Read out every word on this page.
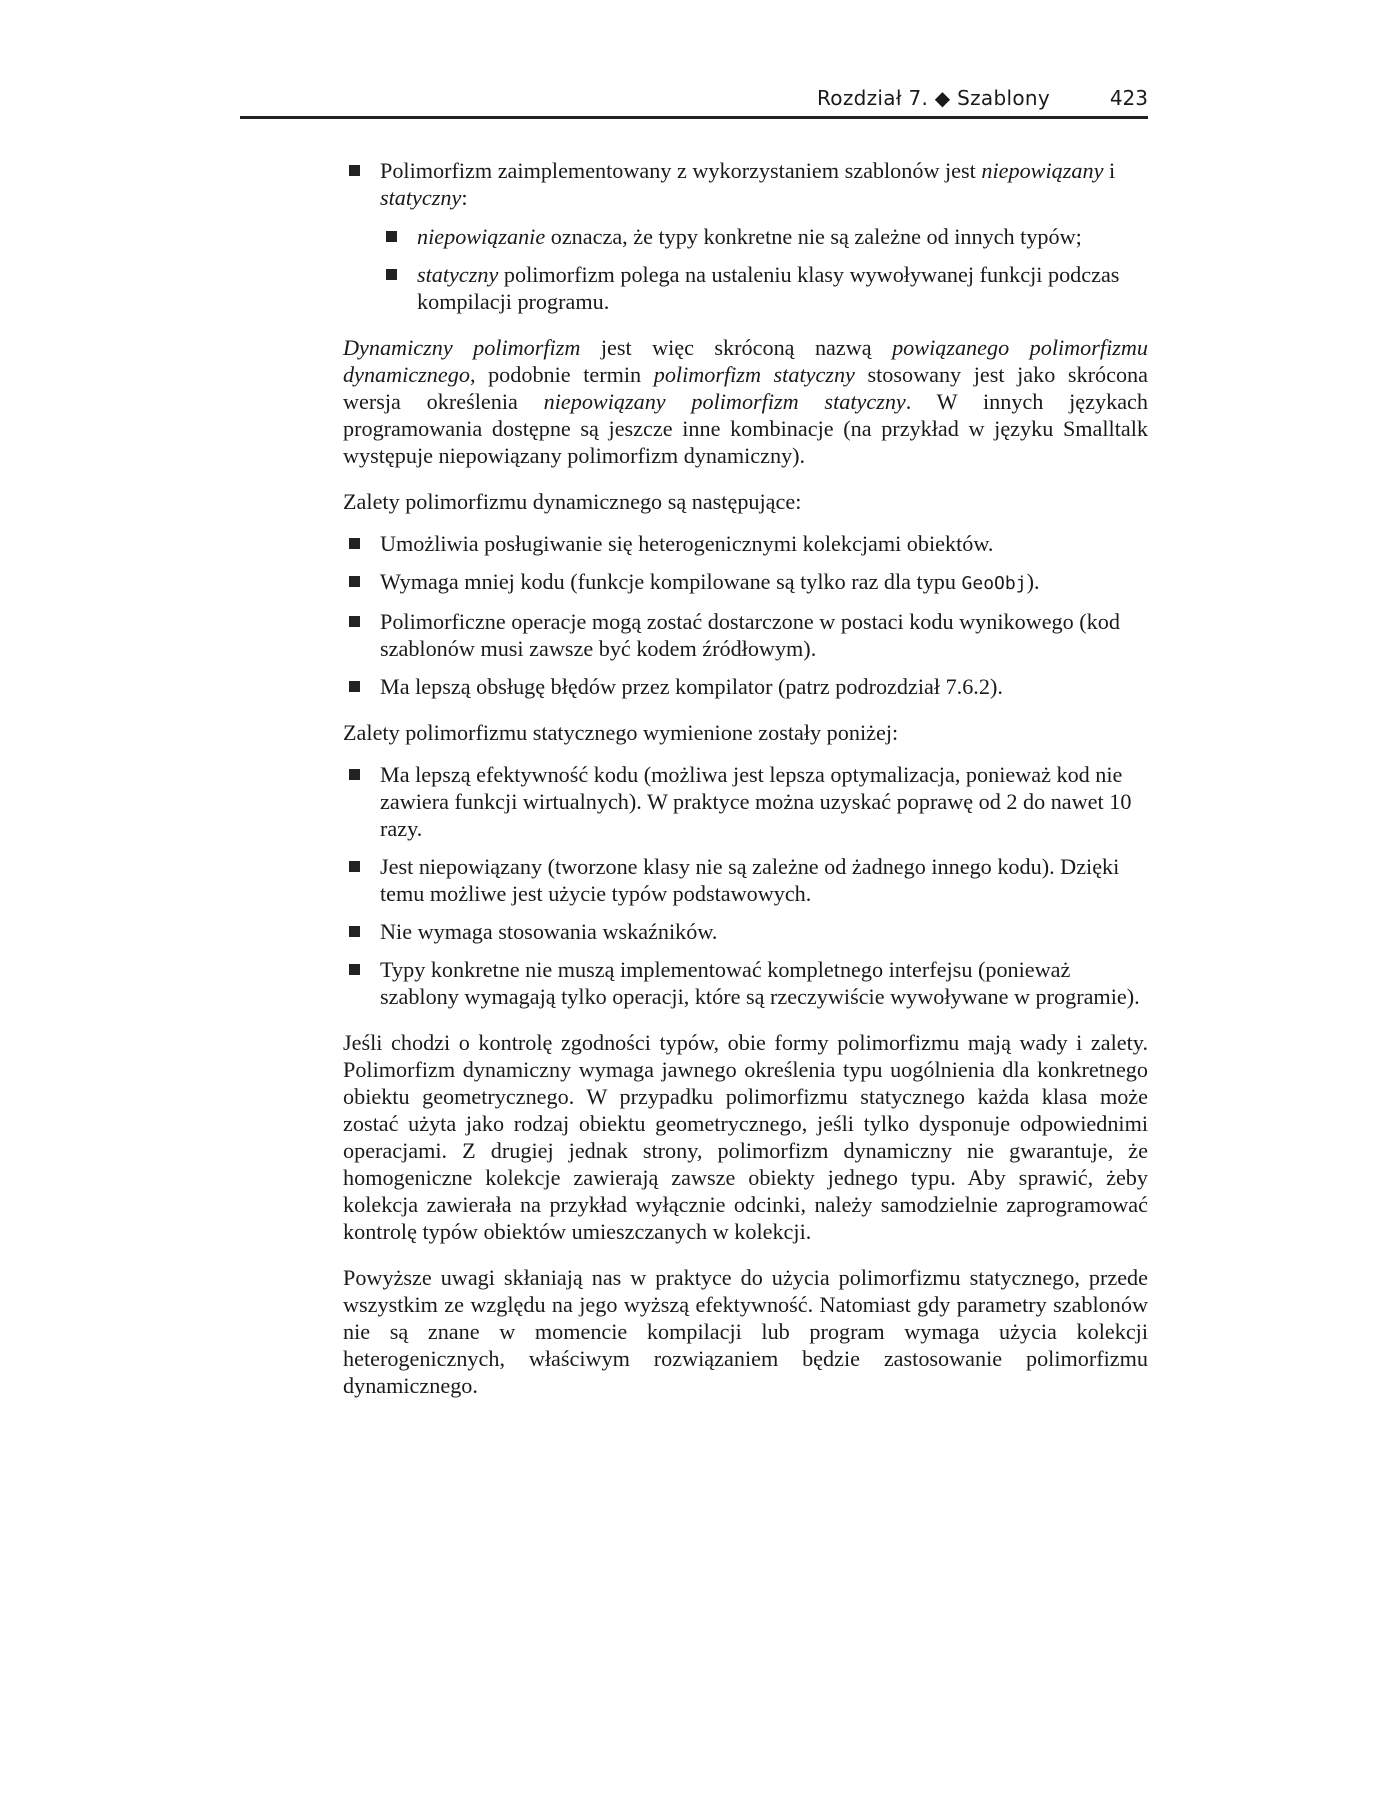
Rozdział 7. ◆ Szablony	423
Polimorfizm zaimplementowany z wykorzystaniem szablonów jest niepowiązany i statyczny:
niepowiązanie oznacza, że typy konkretne nie są zależne od innych typów;
statyczny polimorfizm polega na ustaleniu klasy wywoływanej funkcji podczas kompilacji programu.

Dynamiczny polimorfizm jest więc skróconą nazwą powiązanego polimorfizmu dynamicznego, podobnie termin polimorfizm statyczny stosowany jest jako skrócona wersja określenia niepowiązany polimorfizm statyczny. W innych językach programowania dostępne są jeszcze inne kombinacje (na przykład w języku Smalltalk występuje niepowiązany polimorfizm dynamiczny).

Zalety polimorfizmu dynamicznego są następujące:

Umożliwia posługiwanie się heterogenicznymi kolekcjami obiektów.
Wymaga mniej kodu (funkcje kompilowane są tylko raz dla typu GeoObj).
Polimorficzne operacje mogą zostać dostarczone w postaci kodu wynikowego (kod szablonów musi zawsze być kodem źródłowym).
Ma lepszą obsługę błędów przez kompilator (patrz podrozdział 7.6.2).

Zalety polimorfizmu statycznego wymienione zostały poniżej:

Ma lepszą efektywność kodu (możliwa jest lepsza optymalizacja, ponieważ kod nie zawiera funkcji wirtualnych). W praktyce można uzyskać poprawę od 2 do nawet 10 razy.
Jest niepowiązany (tworzone klasy nie są zależne od żadnego innego kodu). Dzięki temu możliwe jest użycie typów podstawowych.
Nie wymaga stosowania wskaźników.
Typy konkretne nie muszą implementować kompletnego interfejsu (ponieważ szablony wymagają tylko operacji, które są rzeczywiście wywoływane w programie).

Jeśli chodzi o kontrolę zgodności typów, obie formy polimorfizmu mają wady i zalety. Polimorfizm dynamiczny wymaga jawnego określenia typu uogólnienia dla konkretnego obiektu geometrycznego. W przypadku polimorfizmu statycznego każda klasa może zostać użyta jako rodzaj obiektu geometrycznego, jeśli tylko dysponuje odpowiednimi operacjami. Z drugiej jednak strony, polimorfizm dynamiczny nie gwarantuje, że homogeniczne kolekcje zawierają zawsze obiekty jednego typu. Aby sprawić, żeby kolekcja zawierała na przykład wyłącznie odcinki, należy samodzielnie zaprogramować kontrolę typów obiektów umieszczanych w kolekcji.

Powyższe uwagi skłaniają nas w praktyce do użycia polimorfizmu statycznego, przede wszystkim ze względu na jego wyższą efektywność. Natomiast gdy parametry szablonów nie są znane w momencie kompilacji lub program wymaga użycia kolekcji heterogenicznych, właściwym rozwiązaniem będzie zastosowanie polimorfizmu dynamicznego.
